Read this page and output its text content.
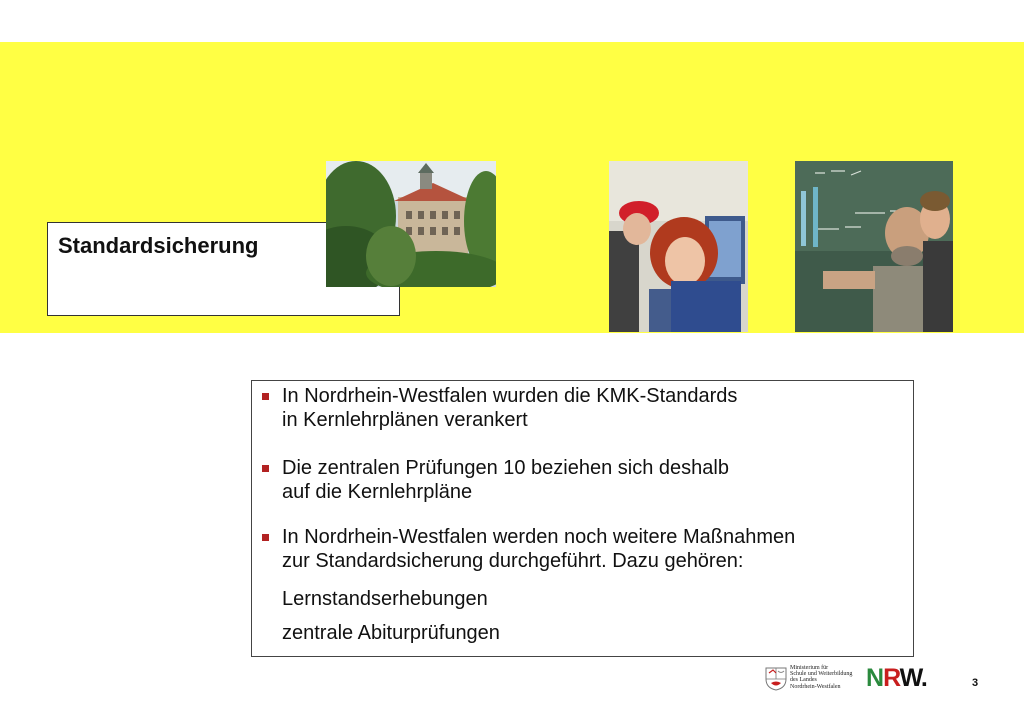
Standardsicherung
In Nordrhein-Westfalen wurden die KMK-Standards
in Kernlehrplänen verankert
Die zentralen Prüfungen 10 beziehen sich deshalb
auf die Kernlehrpläne
In Nordrhein-Westfalen werden noch weitere Maßnahmen
zur Standardsicherung durchgeführt. Dazu gehören:
Lernstandserhebungen
zentrale Abiturprüfungen
Ministerium für
Schule und Weiterbildung
des Landes
Nordrhein-Westfalen	NRW.	3
